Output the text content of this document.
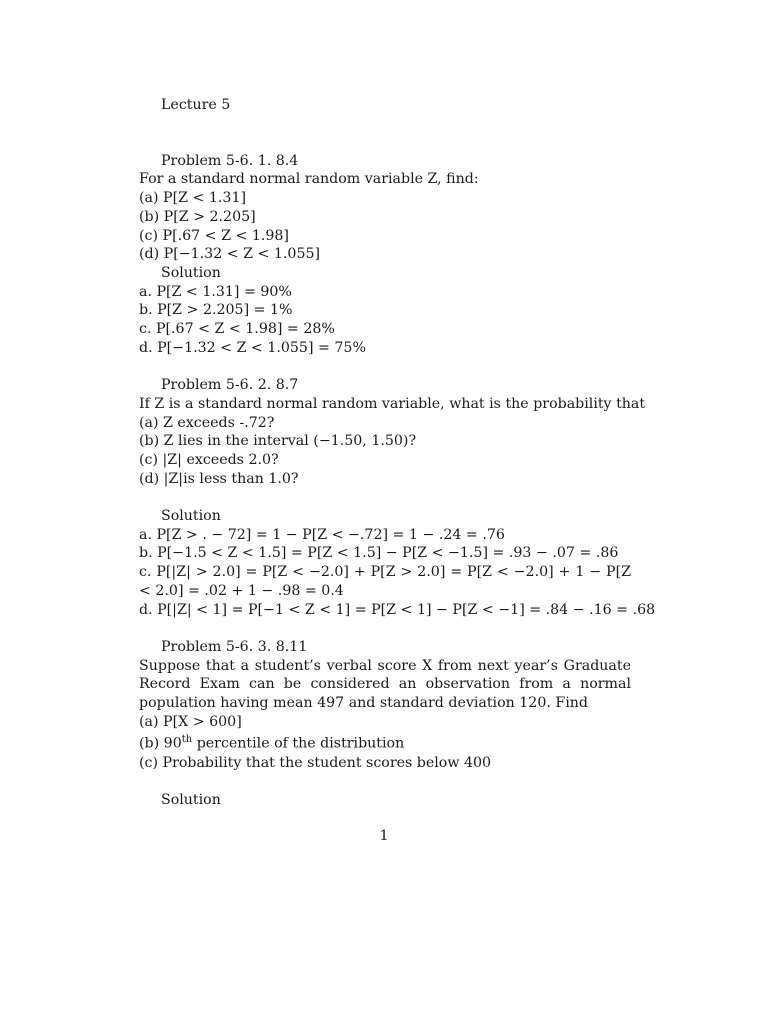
Lecture 5
Problem 5-6. 1. 8.4
For a standard normal random variable Z, find:
(a) P[Z < 1.31]
(b) P[Z > 2.205]
(c) P[.67 < Z < 1.98]
(d) P[−1.32 < Z < 1.055]
Solution
a. P[Z < 1.31] = 90%
b. P[Z > 2.205] = 1%
c. P[.67 < Z < 1.98] = 28%
d. P[−1.32 < Z < 1.055] = 75%
Problem 5-6. 2. 8.7
If Z is a standard normal random variable, what is the probability that
(a) Z exceeds -.72?
(b) Z lies in the interval (−1.50, 1.50)?
(c) |Z| exceeds 2.0?
(d) |Z|is less than 1.0?
Solution
a. P[Z > . − 72] = 1 − P[Z < −.72] = 1 − .24 = .76
b. P[−1.5 < Z < 1.5] = P[Z < 1.5] − P[Z < −1.5] = .93 − .07 = .86
c. P[|Z| > 2.0] = P[Z < −2.0] + P[Z > 2.0] = P[Z < −2.0] + 1 − P[Z < 2.0] = .02 + 1 − .98 = 0.4
d. P[|Z| < 1] = P[−1 < Z < 1] = P[Z < 1] − P[Z < −1] = .84 − .16 = .68
Problem 5-6. 3. 8.11
Suppose that a student’s verbal score X from next year’s Graduate Record Exam can be considered an observation from a normal population having mean 497 and standard deviation 120. Find
(a) P[X > 600]
(b) 90th percentile of the distribution
(c) Probability that the student scores below 400
Solution
1
